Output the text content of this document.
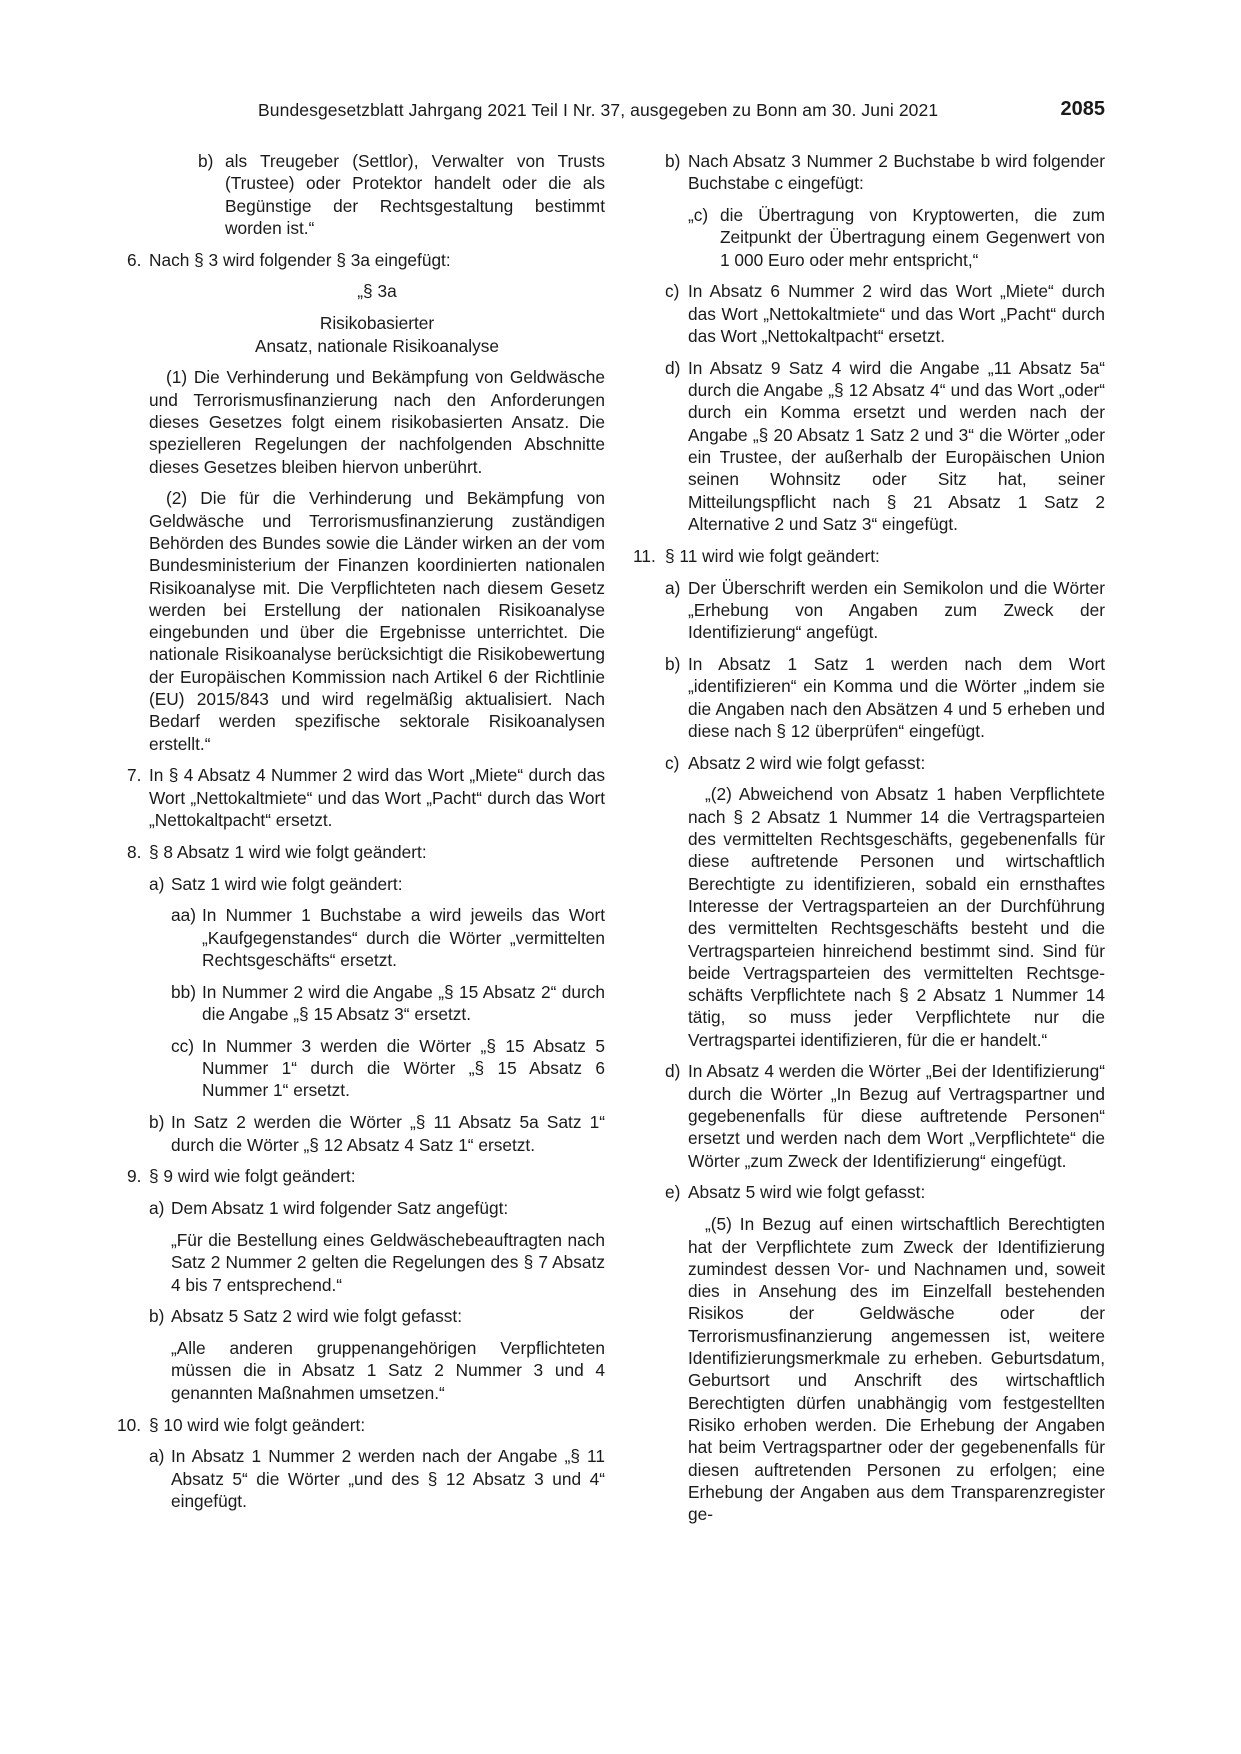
Bundesgesetzblatt Jahrgang 2021 Teil I Nr. 37, ausgegeben zu Bonn am 30. Juni 2021	2085
b) als Treugeber (Settlor), Verwalter von Trusts (Trustee) oder Protektor handelt oder die als Begünstige der Rechtsgestaltung bestimmt worden ist.“
6. Nach § 3 wird folgender § 3a eingefügt:
„§ 3a
Risikobasierter
Ansatz, nationale Risikoanalyse
(1) Die Verhinderung und Bekämpfung von Geldwäsche und Terrorismusfinanzierung nach den Anforderungen dieses Gesetzes folgt einem risikobasierten Ansatz. Die spezielleren Regelungen der nachfolgenden Abschnitte dieses Gesetzes bleiben hiervon unberührt.
(2) Die für die Verhinderung und Bekämpfung von Geldwäsche und Terrorismusfinanzierung zuständigen Behörden des Bundes sowie die Länder wirken an der vom Bundesministerium der Finanzen koordinierten nationalen Risikoanalyse mit. Die Verpflichteten nach diesem Gesetz werden bei Erstellung der nationalen Risikoanalyse eingebunden und über die Ergebnisse unterrichtet. Die nationale Risikoanalyse berücksichtigt die Risikobewertung der Europäischen Kommission nach Artikel 6 der Richtlinie (EU) 2015/843 und wird regelmäßig aktualisiert. Nach Bedarf werden spezifische sektorale Risikoanalysen erstellt.“
7. In § 4 Absatz 4 Nummer 2 wird das Wort „Miete“ durch das Wort „Nettokaltmiete“ und das Wort „Pacht“ durch das Wort „Nettokaltpacht“ ersetzt.
8. § 8 Absatz 1 wird wie folgt geändert:
a) Satz 1 wird wie folgt geändert:
aa) In Nummer 1 Buchstabe a wird jeweils das Wort „Kaufgegenstandes“ durch die Wörter „vermittelten Rechtsgeschäfts“ ersetzt.
bb) In Nummer 2 wird die Angabe „§ 15 Absatz 2“ durch die Angabe „§ 15 Absatz 3“ ersetzt.
cc) In Nummer 3 werden die Wörter „§ 15 Absatz 5 Nummer 1“ durch die Wörter „§ 15 Absatz 6 Nummer 1“ ersetzt.
b) In Satz 2 werden die Wörter „§ 11 Absatz 5a Satz 1“ durch die Wörter „§ 12 Absatz 4 Satz 1“ ersetzt.
9. § 9 wird wie folgt geändert:
a) Dem Absatz 1 wird folgender Satz angefügt:
„Für die Bestellung eines Geldwäschebeauftragten nach Satz 2 Nummer 2 gelten die Regelungen des § 7 Absatz 4 bis 7 entsprechend.“
b) Absatz 5 Satz 2 wird wie folgt gefasst:
„Alle anderen gruppenangehörigen Verpflichteten müssen die in Absatz 1 Satz 2 Nummer 3 und 4 genannten Maßnahmen umsetzen.“
10. § 10 wird wie folgt geändert:
a) In Absatz 1 Nummer 2 werden nach der Angabe „§ 11 Absatz 5“ die Wörter „und des § 12 Absatz 3 und 4“ eingefügt.
b) Nach Absatz 3 Nummer 2 Buchstabe b wird folgender Buchstabe c eingefügt:
„c) die Übertragung von Kryptowerten, die zum Zeitpunkt der Übertragung einem Gegenwert von 1 000 Euro oder mehr entspricht,“
c) In Absatz 6 Nummer 2 wird das Wort „Miete“ durch das Wort „Nettokaltmiete“ und das Wort „Pacht“ durch das Wort „Nettokaltpacht“ ersetzt.
d) In Absatz 9 Satz 4 wird die Angabe „11 Absatz 5a“ durch die Angabe „§ 12 Absatz 4“ und das Wort „oder“ durch ein Komma ersetzt und werden nach der Angabe „§ 20 Absatz 1 Satz 2 und 3“ die Wörter „oder ein Trustee, der außerhalb der Europäischen Union seinen Wohnsitz oder Sitz hat, seiner Mitteilungspflicht nach § 21 Absatz 1 Satz 2 Alternative 2 und Satz 3“ eingefügt.
11. § 11 wird wie folgt geändert:
a) Der Überschrift werden ein Semikolon und die Wörter „Erhebung von Angaben zum Zweck der Identifizierung“ angefügt.
b) In Absatz 1 Satz 1 werden nach dem Wort „identifizieren“ ein Komma und die Wörter „indem sie die Angaben nach den Absätzen 4 und 5 erheben und diese nach § 12 überprüfen“ eingefügt.
c) Absatz 2 wird wie folgt gefasst:
„(2) Abweichend von Absatz 1 haben Verpflichtete nach § 2 Absatz 1 Nummer 14 die Vertragsparteien des vermittelten Rechtsgeschäfts, gegebenenfalls für diese auftretende Personen und wirtschaftlich Berechtigte zu identifizieren, sobald ein ernsthaftes Interesse der Vertragsparteien an der Durchführung des vermittelten Rechtsgeschäfts besteht und die Vertragsparteien hinreichend bestimmt sind. Sind für beide Vertragsparteien des vermittelten Rechtsgeschäfts Verpflichtete nach § 2 Absatz 1 Nummer 14 tätig, so muss jeder Verpflichtete nur die Vertragspartei identifizieren, für die er handelt.“
d) In Absatz 4 werden die Wörter „Bei der Identifizierung“ durch die Wörter „In Bezug auf Vertragspartner und gegebenenfalls für diese auftretende Personen“ ersetzt und werden nach dem Wort „Verpflichtete“ die Wörter „zum Zweck der Identifizierung“ eingefügt.
e) Absatz 5 wird wie folgt gefasst:
„(5) In Bezug auf einen wirtschaftlich Berechtigten hat der Verpflichtete zum Zweck der Identifizierung zumindest dessen Vor- und Nachnamen und, soweit dies in Ansehung des im Einzelfall bestehenden Risikos der Geldwäsche oder der Terrorismusfinanzierung angemessen ist, weitere Identifizierungsmerkmale zu erheben. Geburtsdatum, Geburtsort und Anschrift des wirtschaftlich Berechtigten dürfen unabhängig vom festgestellten Risiko erhoben werden. Die Erhebung der Angaben hat beim Vertragspartner oder der gegebenenfalls für diesen auftretenden Personen zu erfolgen; eine Erhebung der Angaben aus dem Transparenzregister ge-
